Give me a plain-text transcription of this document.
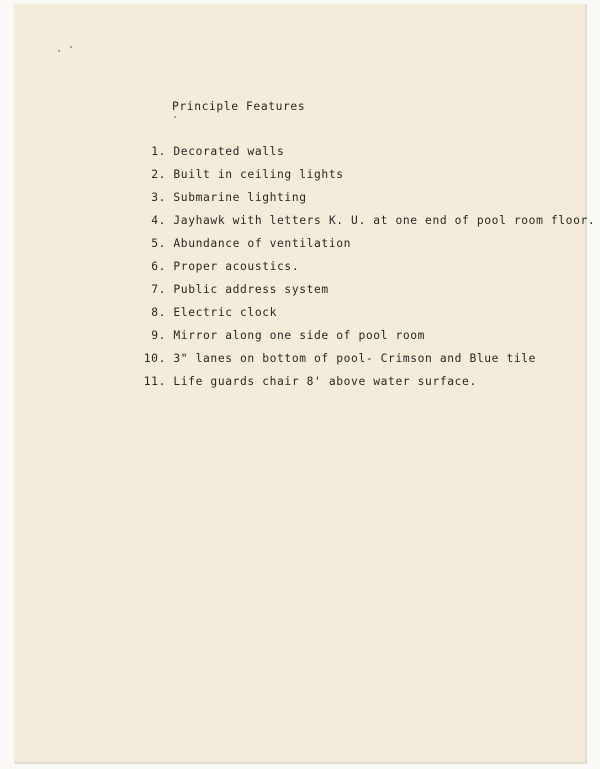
Principle Features
1. Decorated walls
2. Built in ceiling lights
3. Submarine lighting
4. Jayhawk with letters K. U. at one end of pool room floor.
5. Abundance of ventilation
6. Proper acoustics.
7. Public address system
8. Electric clock
9. Mirror along one side of pool room
10. 3" lanes on bottom of pool- Crimson and Blue tile
11. Life guards chair 8' above water surface.
